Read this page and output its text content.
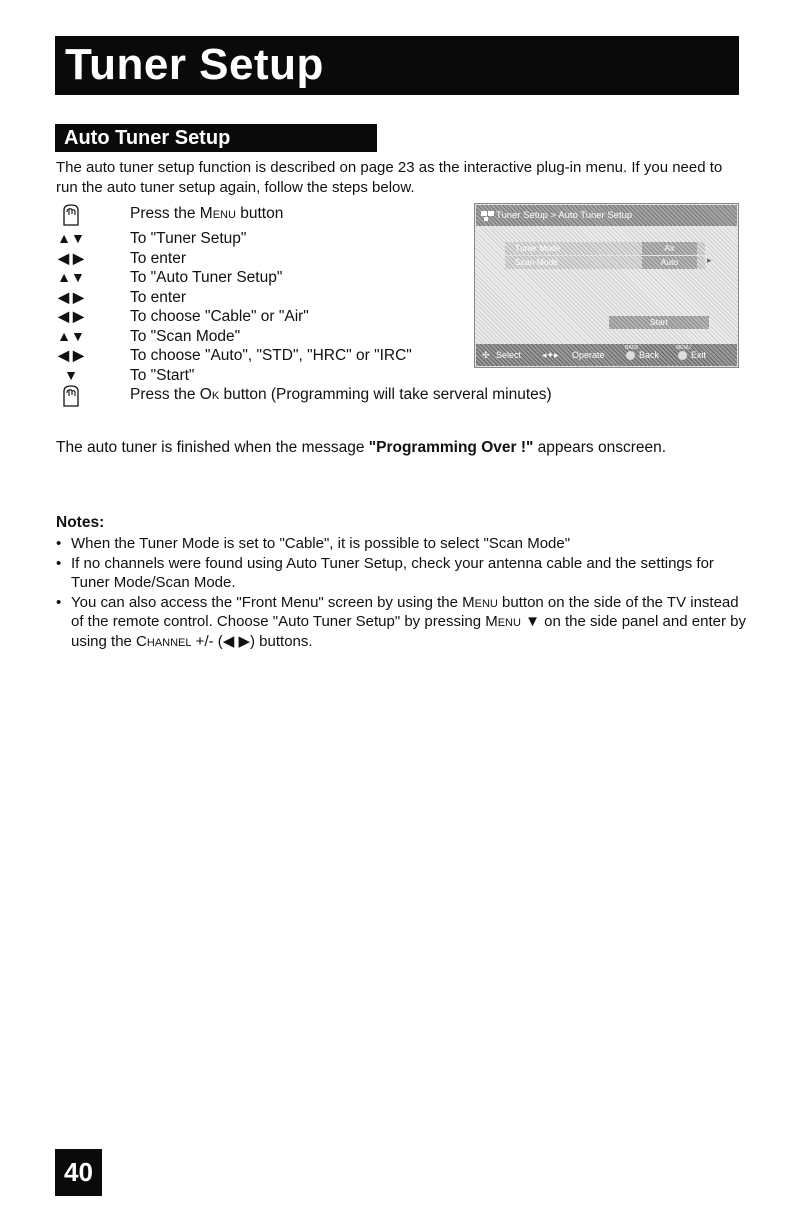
Tuner Setup
Auto Tuner Setup
The auto tuner setup function is described on page 23 as the interactive plug-in menu. If you need to run the auto tuner setup again, follow the steps below.
Press the Menu button
▲▼	To "Tuner Setup"
◀ ▶	To enter
▲▼	To "Auto Tuner Setup"
◀ ▶	To enter
◀ ▶	To choose "Cable" or "Air"
▲▼	To "Scan Mode"
◀ ▶	To choose "Auto", "STD", "HRC" or "IRC"
▼	To "Start"
Press the Ok button (Programming will take serveral minutes)
Tuner Setup > Auto Tuner Setup
Tuner Mode	Air
Scan Mode	Auto	▸
Start
✣ Select ◂✦▸ Operate
BACK
Back
MENU
Exit
The auto tuner is finished when the message "Programming Over !" appears onscreen.
Notes:
• When the Tuner Mode is set to "Cable", it is possible to select "Scan Mode"
• If no channels were found using Auto Tuner Setup, check your antenna cable and the settings for Tuner Mode/Scan Mode.
• You can also access the "Front Menu" screen by using the Menu button on the side of the TV instead of the remote control. Choose "Auto Tuner Setup" by pressing Menu ▼ on the side panel and enter by using the Channel +/- (◀ ▶) buttons.
40
